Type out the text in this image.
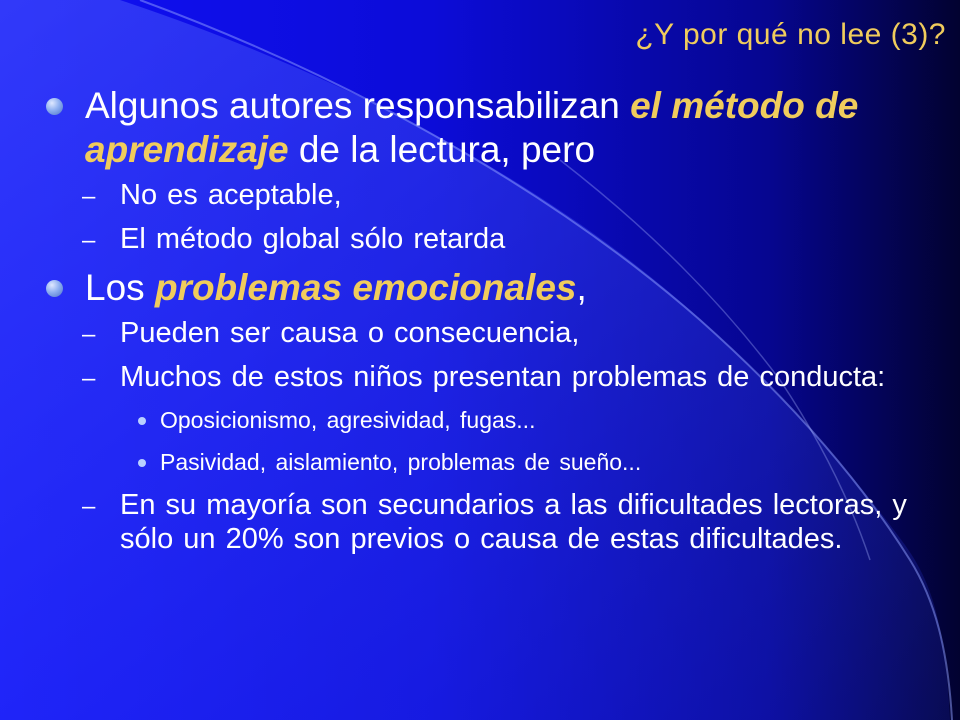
¿Y por qué no lee (3)?
Algunos autores responsabilizan el método de aprendizaje de la lectura, pero
– No es aceptable,
– El método global sólo retarda
Los problemas emocionales,
– Pueden ser causa o consecuencia,
– Muchos de estos niños presentan problemas de conducta:
Oposicionismo, agresividad, fugas...
Pasividad, aislamiento, problemas de sueño...
– En su mayoría son secundarios a las dificultades lectoras, y sólo un 20% son previos o causa de estas dificultades.
